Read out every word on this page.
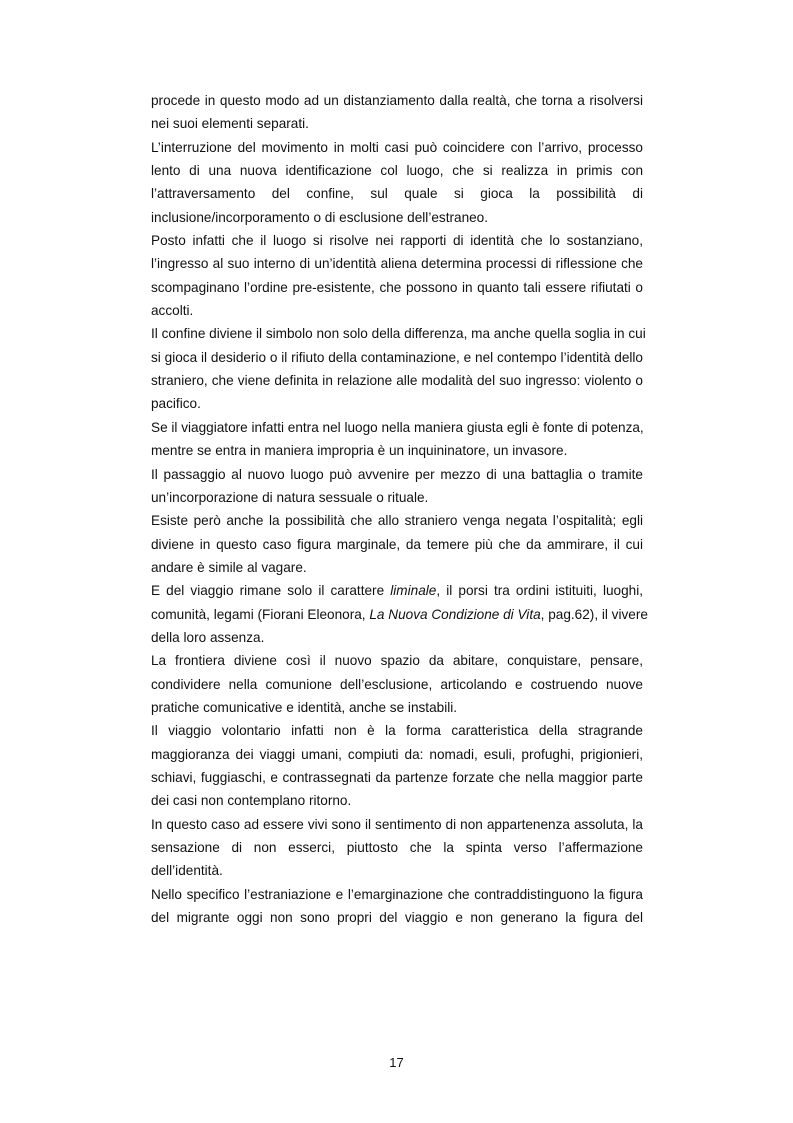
procede in questo modo ad un distanziamento dalla realtà, che torna a risolversi
nei suoi elementi separati.
L’interruzione del movimento in molti casi può coincidere con l’arrivo, processo
lento di una nuova identificazione col luogo, che si realizza in primis con
l’attraversamento del confine, sul quale si gioca la possibilità di
inclusione/incorporamento o di esclusione dell’estraneo.
Posto infatti che il luogo si risolve nei rapporti di identità che lo sostanziano,
l’ingresso al suo interno di un’identità aliena determina processi di riflessione che
scompaginano l’ordine pre-esistente, che possono in quanto tali essere rifiutati o
accolti.
Il confine diviene il simbolo non solo della differenza, ma anche quella soglia in cui
si gioca il desiderio o il rifiuto della contaminazione, e nel contempo l’identità dello
straniero, che viene definita in relazione alle modalità del suo ingresso: violento o
pacifico.
Se il viaggiatore infatti entra nel luogo nella maniera giusta egli è fonte di potenza,
mentre se entra in maniera impropria è un inquininatore, un invasore.
Il passaggio al nuovo luogo può avvenire per mezzo di una battaglia o tramite
un’incorporazione di natura sessuale o rituale.
Esiste però anche la possibilità che allo straniero venga negata l’ospitalità; egli
diviene in questo caso figura marginale, da temere più che da ammirare, il cui
andare è simile al vagare.
E del viaggio rimane solo il carattere liminale, il porsi tra ordini istituiti, luoghi,
comunità, legami (Fiorani Eleonora, La Nuova Condizione di Vita, pag.62), il vivere
della loro assenza.
La frontiera diviene così il nuovo spazio da abitare, conquistare, pensare,
condividere nella comunione dell’esclusione, articolando e costruendo nuove
pratiche comunicative e identità, anche se instabili.
Il viaggio volontario infatti non è la forma caratteristica della stragrande
maggioranza dei viaggi umani, compiuti da: nomadi, esuli, profughi, prigionieri,
schiavi, fuggiaschi, e contrassegnati da partenze forzate che nella maggior parte
dei casi non contemplano ritorno.
In questo caso ad essere vivi sono il sentimento di non appartenenza assoluta, la
sensazione di non esserci, piuttosto che la spinta verso l’affermazione
dell’identità.
Nello specifico l’estraniazione e l’emarginazione che contraddistinguono la figura
del migrante oggi non sono propri del viaggio e non generano la figura del
17
